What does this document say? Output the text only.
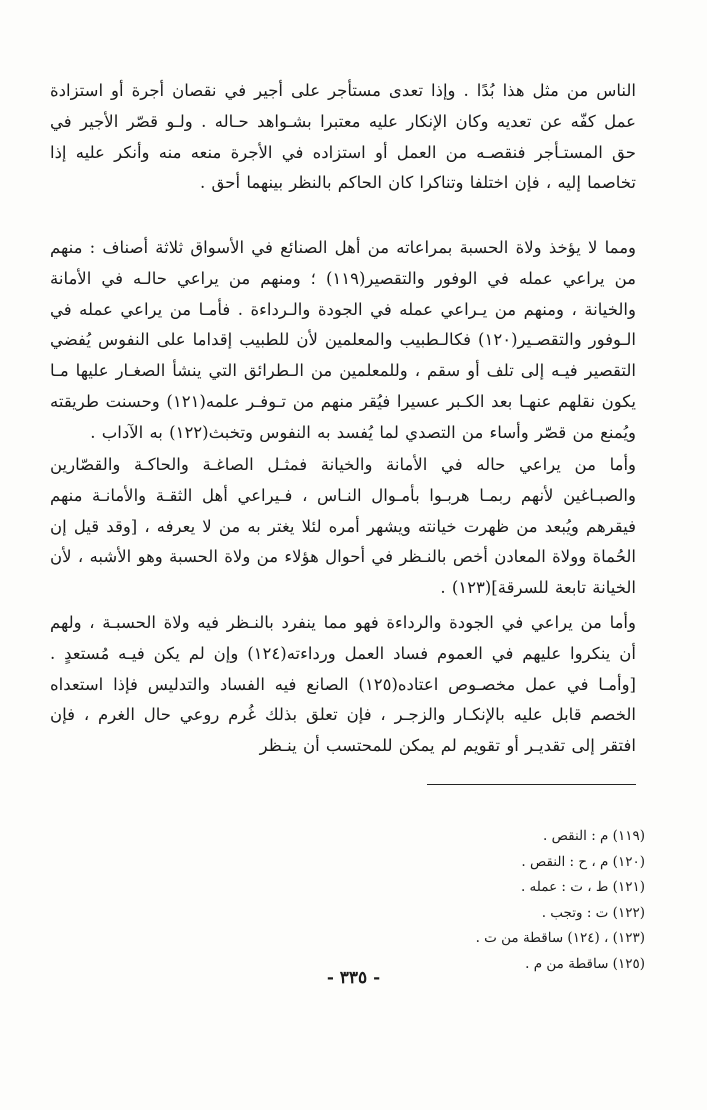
الناس من مثل هذا بُدًا . وإذا تعدى مستأجر على أجير في نقصان أجرة أو استزادة عمل كفّه عن تعديه وكان الإنكار عليه معتبرا بشـواهد حـاله . ولـو قصّر الأجير في حق المستـأجر فنقصـه من العمل أو استزاده في الأجرة منعه منه وأنكر عليه إذا تخاصما إليه ، فإن اختلفا وتناكرا كان الحاكم بالنظر بينهما أحق .

ومما لا يؤخذ ولاة الحسبة بمراعاته من أهل الصنائع في الأسواق ثلاثة أصناف : منهم من يراعي عمله في الوفور والتقصير(١١٩) ؛ ومنهم من يراعي حالـه في الأمانة والخيانة ، ومنهم من يـراعي عمله في الجودة والـرداءة . فأمـا من يراعي عمله في الـوفور والتقصـير(١٢٠) فكالـطبيب والمعلمين لأن للطبيب إقداما على النفوس يُفضي التقصير فيـه إلى تلف أو سقم ، وللمعلمين من الـطرائق التي ينشأ الصغـار عليها مـا يكون نقلهم عنهـا بعد الكـبر عسيرا فيُقر منهم من تـوفـر علمه(١٢١) وحسنت طريقته ويُمنع من قصّر وأساء من التصدي لما يُفسد به النفوس وتخبث(١٢٢) به الآداب .

وأما من يراعي حاله في الأمانة والخيانة فمثـل الصاغـة والحاكـة والقصّارين والصبـاغين لأنهم ربمـا هربـوا بأمـوال النـاس ، فـيراعي أهل الثقـة والأمانـة منهم فيقرهم ويُبعد من ظهرت خيانته ويشهر أمره لئلا يغتر به من لا يعرفه ، [وقد قيل إن الحُماة وولاة المعادن أخص بالنـظر في أحوال هؤلاء من ولاة الحسبة وهو الأشبه ، لأن الخيانة تابعة للسرقة](١٢٣) .

وأما من يراعي في الجودة والرداءة فهو مما ينفرد بالنـظر فيه ولاة الحسبـة ، ولهم أن ينكروا عليهم في العموم فساد العمل ورداءته(١٢٤) وإن لم يكن فيـه مُستعدٍ . [وأمـا في عمل مخصـوص اعتاده(١٢٥) الصانع فيه الفساد والتدليس فإذا استعداه الخصم قابل عليه بالإنكـار والزجـر ، فإن تعلق بذلك غُرم روعي حال الغرم ، فإن افتقر إلى تقديـر أو تقويم لم يمكن للمحتسب أن ينـظر

(١١٩) م : النقص .
(١٢٠) م ، ح : النقص .
(١٢١) ط ، ت : عمله .
(١٢٢) ت : وتجب .
(١٢٣) ، (١٢٤) ساقطة من ت .
(١٢٥) ساقطة من م .
- ٣٣٥ -
